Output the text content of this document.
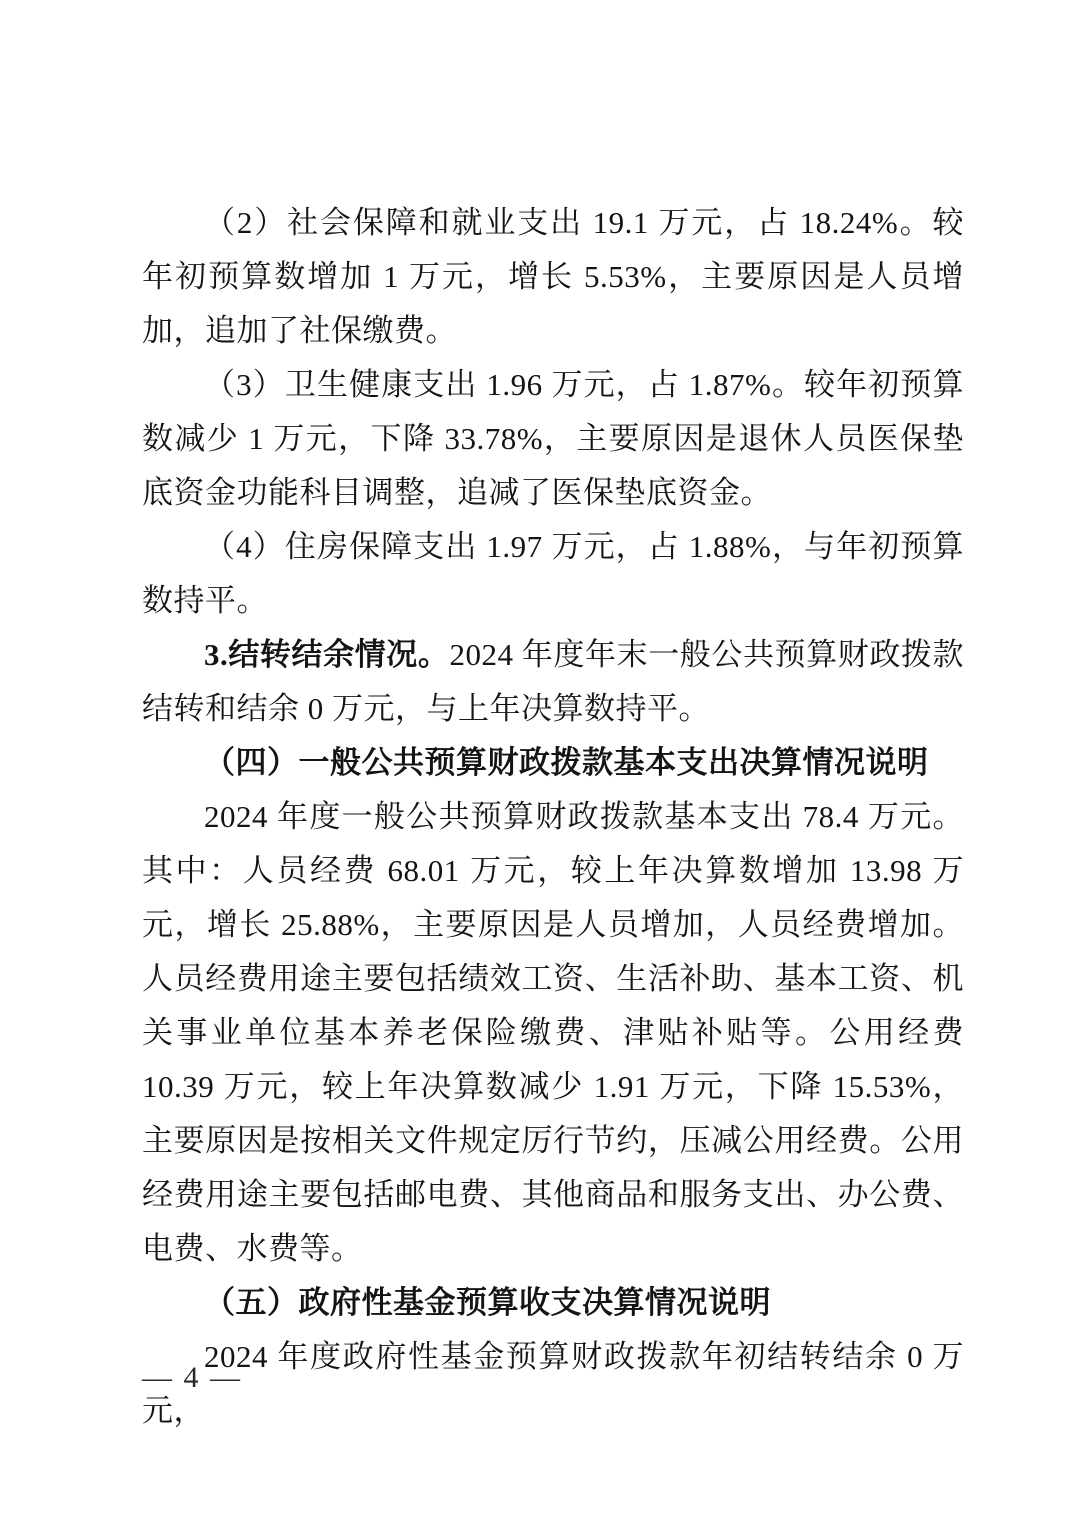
（2）社会保障和就业支出 19.1 万元，占 18.24%。较年初预算数增加 1 万元，增长 5.53%，主要原因是人员增加，追加了社保缴费。

（3）卫生健康支出 1.96 万元，占 1.87%。较年初预算数减少 1 万元，下降 33.78%，主要原因是退休人员医保垫底资金功能科目调整，追减了医保垫底资金。

（4）住房保障支出 1.97 万元，占 1.88%，与年初预算数持平。

3.结转结余情况。2024 年度年末一般公共预算财政拨款结转和结余 0 万元，与上年决算数持平。

（四）一般公共预算财政拨款基本支出决算情况说明

2024 年度一般公共预算财政拨款基本支出 78.4 万元。其中：人员经费 68.01 万元，较上年决算数增加 13.98 万元，增长 25.88%，主要原因是人员增加，人员经费增加。人员经费用途主要包括绩效工资、生活补助、基本工资、机关事业单位基本养老保险缴费、津贴补贴等。公用经费 10.39 万元，较上年决算数减少 1.91 万元，下降 15.53%，主要原因是按相关文件规定厉行节约，压减公用经费。公用经费用途主要包括邮电费、其他商品和服务支出、办公费、电费、水费等。

（五）政府性基金预算收支决算情况说明

2024 年度政府性基金预算财政拨款年初结转结余 0 万元，

— 4 —
